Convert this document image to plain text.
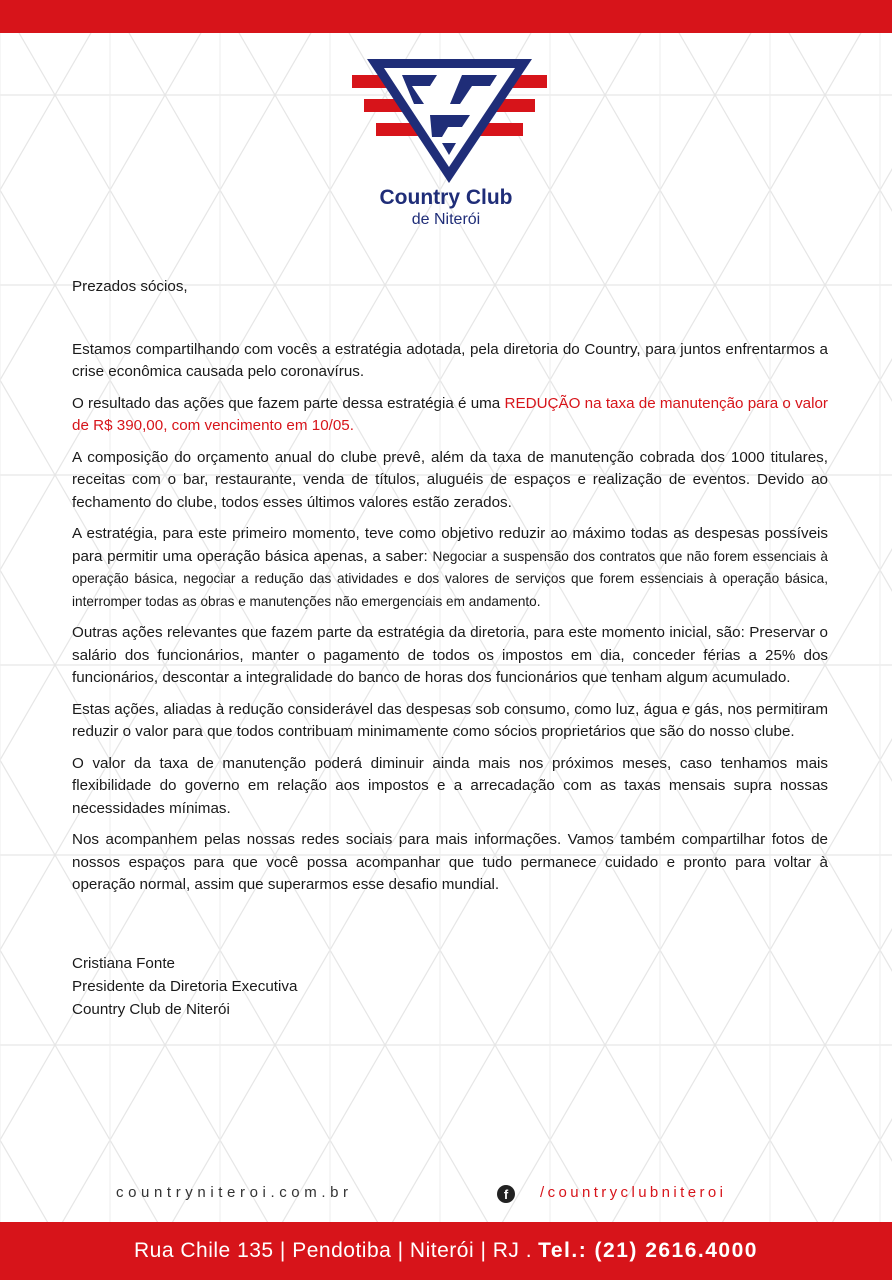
Country Club
de Niterói

Prezados sócios,

Estamos compartilhando com vocês a estratégia adotada, pela diretoria do Country, para juntos enfrentarmos a crise econômica causada pelo coronavírus.

O resultado das ações que fazem parte dessa estratégia é uma REDUÇÃO na taxa de manutenção para o valor de R$ 390,00, com vencimento em 10/05.

A composição do orçamento anual do clube prevê, além da taxa de manutenção cobrada dos 1000 titulares, receitas com o bar, restaurante, venda de títulos, aluguéis de espaços e realização de eventos. Devido ao fechamento do clube, todos esses últimos valores estão zerados.

A estratégia, para este primeiro momento, teve como objetivo reduzir ao máximo todas as despesas possíveis para permitir uma operação básica apenas, a saber: Negociar a suspensão dos contratos que não forem essenciais à operação básica, negociar a redução das atividades e dos valores de serviços que forem essenciais à operação básica, interromper todas as obras e manutenções não emergenciais em andamento.

Outras ações relevantes que fazem parte da estratégia da diretoria, para este momento inicial, são: Preservar o salário dos funcionários, manter o pagamento de todos os impostos em dia, conceder férias a 25% dos funcionários, descontar a integralidade do banco de horas dos funcionários que tenham algum acumulado.

Estas ações, aliadas à redução considerável das despesas sob consumo, como luz, água e gás, nos permitiram reduzir o valor para que todos contribuam minimamente como sócios proprietários que são do nosso clube.

O valor da taxa de manutenção poderá diminuir ainda mais nos próximos meses, caso tenhamos mais flexibilidade do governo em relação aos impostos e a arrecadação com as taxas mensais supra nossas necessidades mínimas.

Nos acompanhem pelas nossas redes sociais para mais informações. Vamos também compartilhar fotos de nossos espaços para que você possa acompanhar que tudo permanece cuidado e pronto para voltar à operação normal, assim que superarmos esse desafio mundial.

Cristiana Fonte
Presidente da Diretoria Executiva
Country Club de Niterói
countryniteroi.com.br	f	/countryclubniteroi
Rua Chile 135 | Pendotiba | Niterói | RJ . Tel.: (21) 2616.4000
